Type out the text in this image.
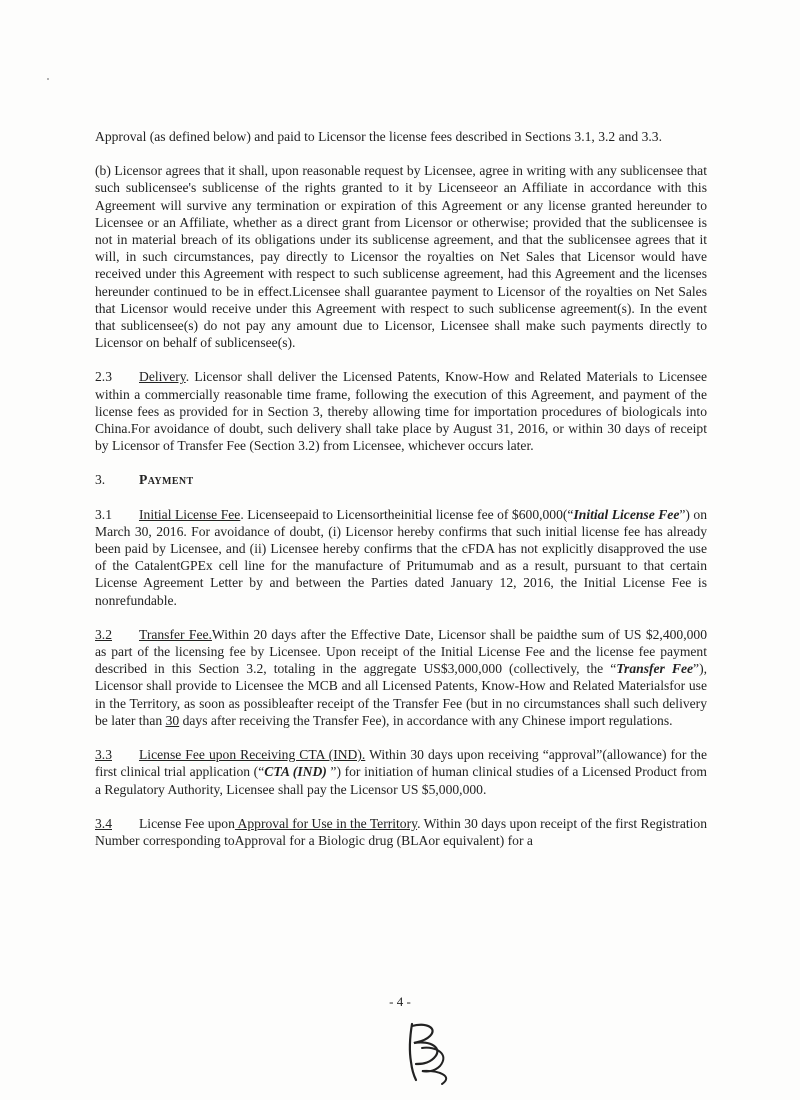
Approval (as defined below) and paid to Licensor the license fees described in Sections 3.1, 3.2 and 3.3.

(b) Licensor agrees that it shall, upon reasonable request by Licensee, agree in writing with any sublicensee that such sublicensee's sublicense of the rights granted to it by Licenseeor an Affiliate in accordance with this Agreement will survive any termination or expiration of this Agreement or any license granted hereunder to Licensee or an Affiliate, whether as a direct grant from Licensor or otherwise; provided that the sublicensee is not in material breach of its obligations under its sublicense agreement, and that the sublicensee agrees that it will, in such circumstances, pay directly to Licensor the royalties on Net Sales that Licensor would have received under this Agreement with respect to such sublicense agreement, had this Agreement and the licenses hereunder continued to be in effect.Licensee shall guarantee payment to Licensor of the royalties on Net Sales that Licensor would receive under this Agreement with respect to such sublicense agreement(s). In the event that sublicensee(s) do not pay any amount due to Licensor, Licensee shall make such payments directly to Licensor on behalf of sublicensee(s).

2.3 Delivery. Licensor shall deliver the Licensed Patents, Know-How and Related Materials to Licensee within a commercially reasonable time frame, following the execution of this Agreement, and payment of the license fees as provided for in Section 3, thereby allowing time for importation procedures of biologicals into China.For avoidance of doubt, such delivery shall take place by August 31, 2016, or within 30 days of receipt by Licensor of Transfer Fee (Section 3.2) from Licensee, whichever occurs later.

3. Payment

3.1 Initial License Fee. Licenseepaid to Licensortheinitial license fee of $600,000(“Initial License Fee”) on March 30, 2016. For avoidance of doubt, (i) Licensor hereby confirms that such initial license fee has already been paid by Licensee, and (ii) Licensee hereby confirms that the cFDA has not explicitly disapproved the use of the CatalentGPEx cell line for the manufacture of Pritumumab and as a result, pursuant to that certain License Agreement Letter by and between the Parties dated January 12, 2016, the Initial License Fee is nonrefundable.

3.2 Transfer Fee.Within 20 days after the Effective Date, Licensor shall be paidthe sum of US $2,400,000 as part of the licensing fee by Licensee. Upon receipt of the Initial License Fee and the license fee payment described in this Section 3.2, totaling in the aggregate US$3,000,000 (collectively, the “Transfer Fee”), Licensor shall provide to Licensee the MCB and all Licensed Patents, Know-How and Related Materialsfor use in the Territory, as soon as possibleafter receipt of the Transfer Fee (but in no circumstances shall such delivery be later than 30 days after receiving the Transfer Fee), in accordance with any Chinese import regulations.

3.3 License Fee upon Receiving CTA (IND). Within 30 days upon receiving “approval”(allowance) for the first clinical trial application (“CTA (IND) ”) for initiation of human clinical studies of a Licensed Product from a Regulatory Authority, Licensee shall pay the Licensor US $5,000,000.

3.4 License Fee upon Approval for Use in the Territory. Within 30 days upon receipt of the first Registration Number corresponding toApproval for a Biologic drug (BLAor equivalent) for a

- 4 -
